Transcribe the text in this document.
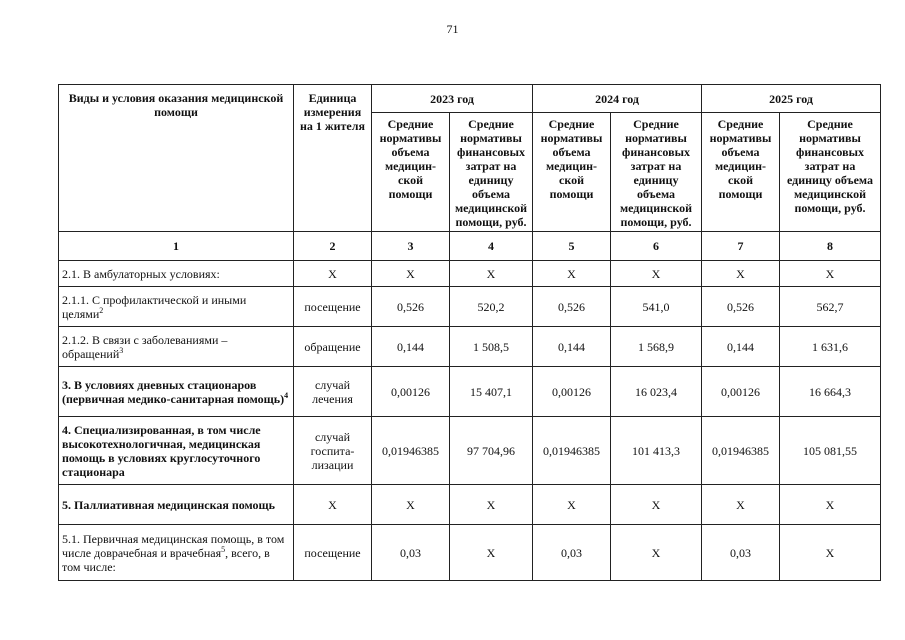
71
Виды и условия оказания медицинской помощи	Единица измерения на 1 жителя	2023 год		2024 год		2025 год	
		Средние нормативы объема медицин-ской помощи	Средние нормативы финансовых затрат на единицу объема медицинской помощи, руб.	Средние нормативы объема медицин-ской помощи	Средние нормативы финансовых затрат на единицу объема медицинской помощи, руб.	Средние нормативы объема медицин-ской помощи	Средние нормативы финансовых затрат на единицу объема медицинской помощи, руб.
1	2	3	4	5	6	7	8
2.1. В амбулаторных условиях:	Х	Х	Х	Х	Х	Х	Х
2.1.1. С профилактической и иными целями$^2$	посещение	0,526	520,2	0,526	541,0	0,526	562,7
2.1.2. В связи с заболеваниями – обращений$^3$	обращение	0,144	1 508,5	0,144	1 568,9	0,144	1 631,6
3. В условиях дневных стационаров (первичная медико-санитарная помощь)$^4$	случай лечения	0,00126	15 407,1	0,00126	16 023,4	0,00126	16 664,3
4. Специализированная, в том числе высокотехнологичная, медицинская помощь в условиях круглосуточного стационара	случай госпита-лизации	0,01946385	97 704,96	0,01946385	101 413,3	0,01946385	105 081,55
5. Паллиативная медицинская помощь	Х	Х	Х	Х	Х	Х	Х
5.1. Первичная медицинская помощь, в том числе доврачебная и врачебная$^5$, всего, в том числе:	посещение	0,03	Х	0,03	Х	0,03	Х
